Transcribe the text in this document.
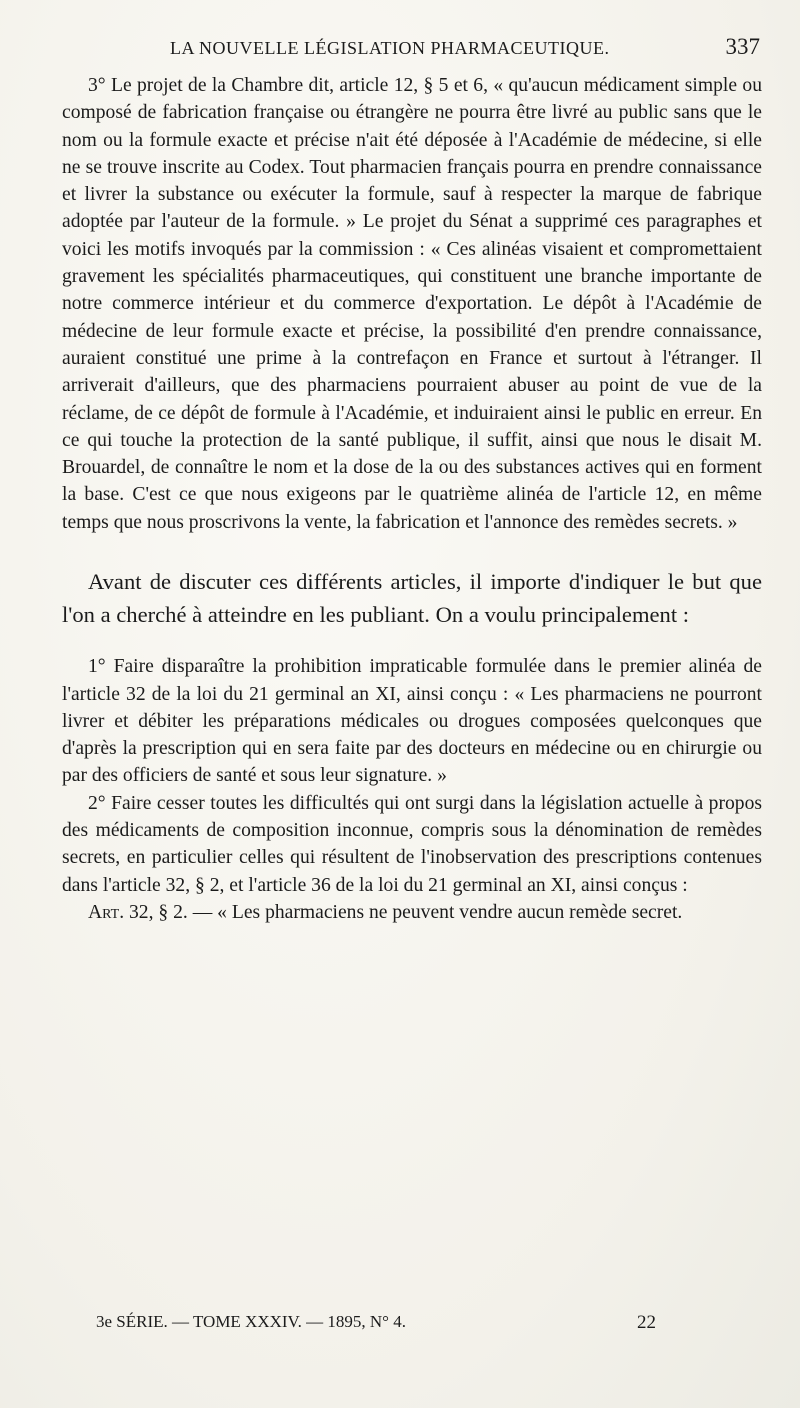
LA NOUVELLE LÉGISLATION PHARMACEUTIQUE.	337

3° Le projet de la Chambre dit, article 12, § 5 et 6, « qu'aucun médicament simple ou composé de fabrication française ou étrangère ne pourra être livré au public sans que le nom ou la formule exacte et précise n'ait été déposée à l'Académie de médecine, si elle ne se trouve inscrite au Codex. Tout pharmacien français pourra en prendre connaissance et livrer la substance ou exécuter la formule, sauf à respecter la marque de fabrique adoptée par l'auteur de la formule. » Le projet du Sénat a supprimé ces paragraphes et voici les motifs invoqués par la commission : « Ces alinéas visaient et compromettaient gravement les spécialités pharmaceutiques, qui constituent une branche importante de notre commerce intérieur et du commerce d'exportation. Le dépôt à l'Académie de médecine de leur formule exacte et précise, la possibilité d'en prendre connaissance, auraient constitué une prime à la contrefaçon en France et surtout à l'étranger. Il arriverait d'ailleurs, que des pharmaciens pourraient abuser au point de vue de la réclame, de ce dépôt de formule à l'Académie, et induiraient ainsi le public en erreur. En ce qui touche la protection de la santé publique, il suffit, ainsi que nous le disait M. Brouardel, de connaître le nom et la dose de la ou des substances actives qui en forment la base. C'est ce que nous exigeons par le quatrième alinéa de l'article 12, en même temps que nous proscrivons la vente, la fabrication et l'annonce des remèdes secrets. »

Avant de discuter ces différents articles, il importe d'indiquer le but que l'on a cherché à atteindre en les publiant. On a voulu principalement :

1° Faire disparaître la prohibition impraticable formulée dans le premier alinéa de l'article 32 de la loi du 21 germinal an XI, ainsi conçu : « Les pharmaciens ne pourront livrer et débiter les préparations médicales ou drogues composées quelconques que d'après la prescription qui en sera faite par des docteurs en médecine ou en chirurgie ou par des officiers de santé et sous leur signature. »

2° Faire cesser toutes les difficultés qui ont surgi dans la législation actuelle à propos des médicaments de composition inconnue, compris sous la dénomination de remèdes secrets, en particulier celles qui résultent de l'inobservation des prescriptions contenues dans l'article 32, § 2, et l'article 36 de la loi du 21 germinal an XI, ainsi conçus :

Art. 32, § 2. — « Les pharmaciens ne peuvent vendre aucun remède secret.

3e SÉRIE. — TOME XXXIV. — 1895, N° 4.	22
